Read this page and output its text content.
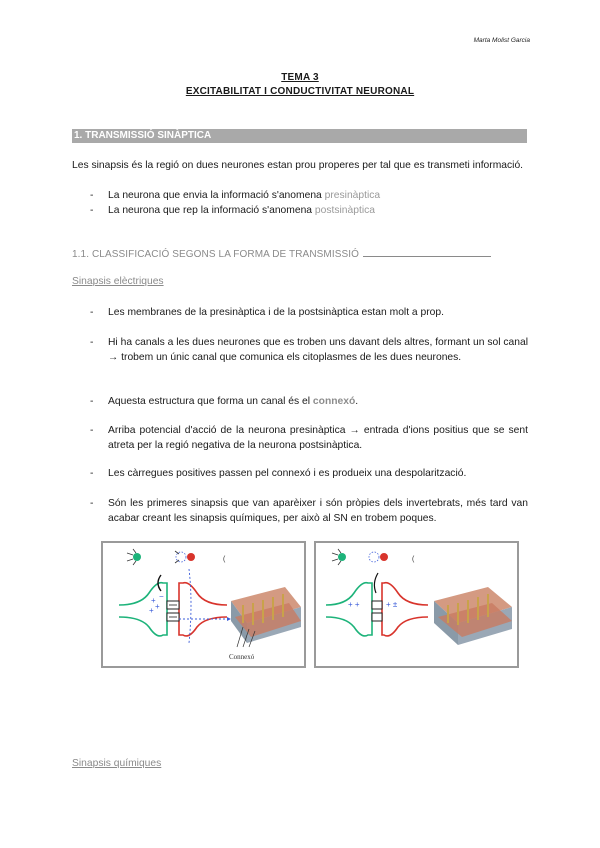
Marta Molist Garcia
TEMA 3
EXCITABILITAT I CONDUCTIVITAT NEURONAL
1. TRANSMISSIÓ SINÀPTICA
Les sinapsis és la regió on dues neurones estan prou properes per tal que es transmeti informació.
- La neurona que envia la informació s'anomena presinàptica
- La neurona que rep la informació s'anomena postsinàptica
1.1. CLASSIFICACIÓ SEGONS LA FORMA DE TRANSMISSIÓ
Sinapsis elèctriques
- Les membranes de la presinàptica i de la postsinàptica estan molt a prop.
- Hi ha canals a les dues neurones que es troben uns davant dels altres, formant un sol canal → trobem un únic canal que comunica els citoplasmes de les dues neurones.
- Aquesta estructura que forma un canal és el connexó.
- Arriba potencial d'acció de la neurona presinàptica → entrada d'ions positius que se sent atreta per la regió negativa de la neurona postsinàptica.
- Les càrregues positives passen pel connexó i es produeix una despolarització.
- Són les primeres sinapsis que van aparèixer i són pròpies dels invertebrats, més tard van acabar creant les sinapsis químiques, per això al SN en trobem poques.
(
+
+
+
−
Connexó
(
+ +	+ ±
Sinapsis químiques
